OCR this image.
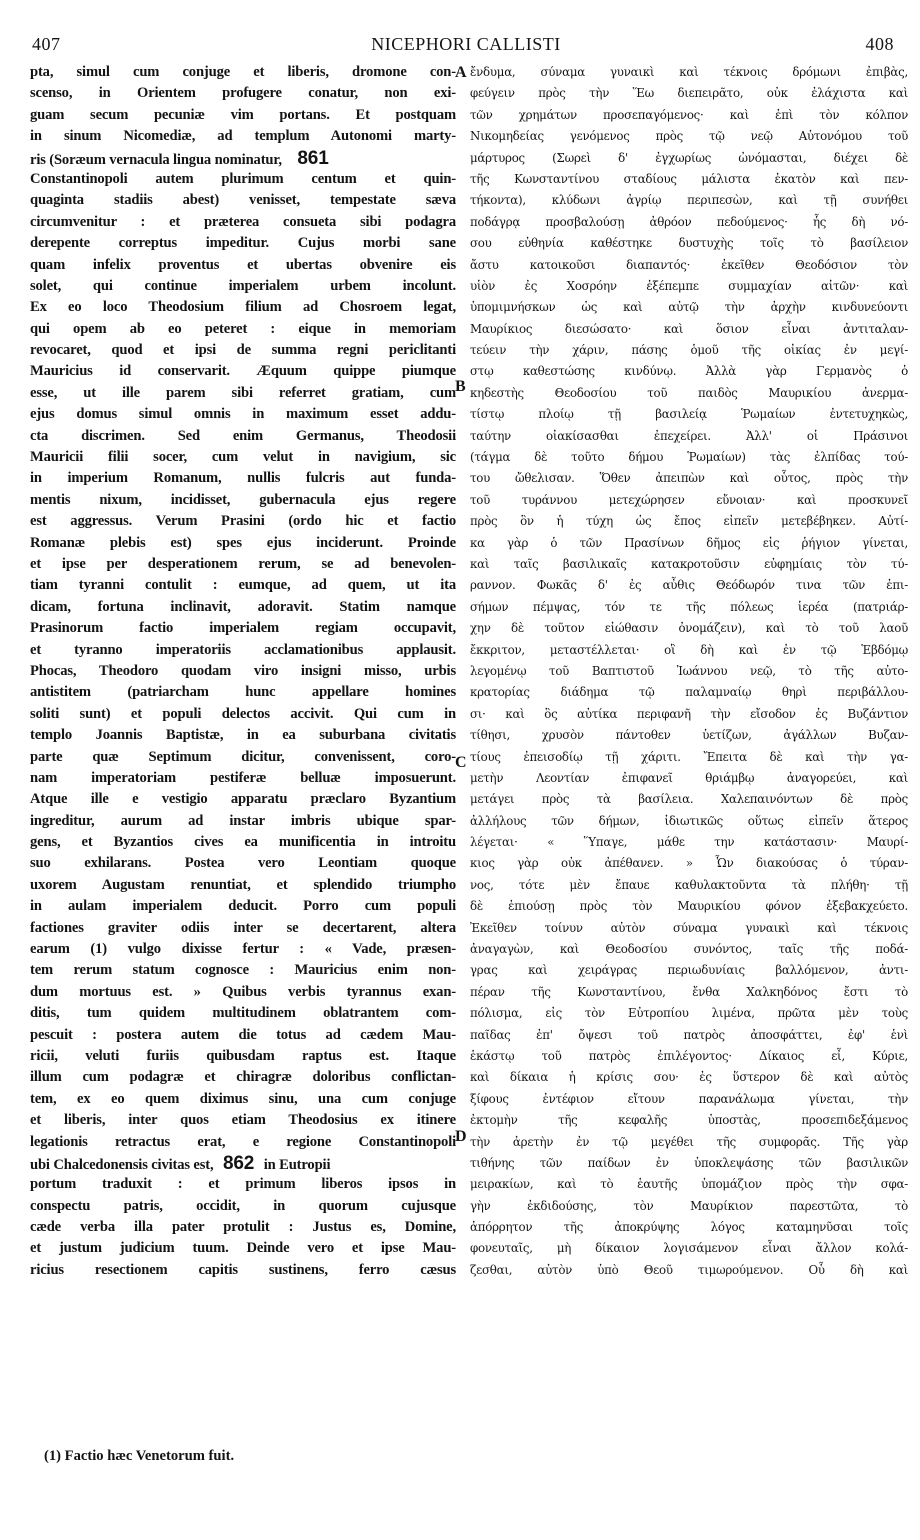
407	NICEPHORI CALLISTI	408
A
B
C
D
pta, simul cum conjuge et liberis, dromone con-
scenso, in Orientem profugere conatur, non exi-
guam secum pecuniæ vim portans. Et postquam
in sinum Nicomediæ, ad templum Autonomi marty-
ris (Soræum vernacula lingua nominatur, 861
Constantinopoli autem plurimum centum et quin-
quaginta stadiis abest) venisset, tempestate sæva
circumvenitur : et præterea consueta sibi podagra
derepente correptus impeditur. Cujus morbi sane
quam infelix proventus et ubertas obvenire eis
solet, qui continue imperialem urbem incolunt.
Ex eo loco Theodosium filium ad Chosroem legat,
qui opem ab eo peteret : eique in memoriam
revocaret, quod et ipsi de summa regni periclitanti
Mauricius id conservarit. Æquum quippe piumque
esse, ut ille parem sibi referret gratiam, cum
ejus domus simul omnis in maximum esset addu-
cta discrimen. Sed enim Germanus, Theodosii
Mauricii filii socer, cum velut in navigium, sic
in imperium Romanum, nullis fulcris aut funda-
mentis nixum, incidisset, gubernacula ejus regere
est aggressus. Verum Prasini (ordo hic et factio
Romanæ plebis est) spes ejus inciderunt. Proinde
et ipse per desperationem rerum, se ad benevolen-
tiam tyranni contulit : eumque, ad quem, ut ita
dicam, fortuna inclinavit, adoravit. Statim namque
Prasinorum factio imperialem regiam occupavit,
et tyranno imperatoriis acclamationibus applausit.
Phocas, Theodoro quodam viro insigni misso, urbis
antistitem (patriarcham hunc appellare homines
soliti sunt) et populi delectos accivit. Qui cum in
templo Joannis Baptistæ, in ea suburbana civitatis
parte quæ Septimum dicitur, convenissent, coro-
nam imperatoriam pestiferæ belluæ imposuerunt.
Atque ille e vestigio apparatu præclaro Byzantium
ingreditur, aurum ad instar imbris ubique spar-
gens, et Byzantios cives ea munificentia in introitu
suo exhilarans. Postea vero Leontiam quoque
uxorem Augustam renuntiat, et splendido triumpho
in aulam imperialem deducit. Porro cum populi
factiones graviter odiis inter se decertarent, altera
earum (1) vulgo dixisse fertur : « Vade, præsen-
tem rerum statum cognosce : Mauricius enim non-
dum mortuus est. » Quibus verbis tyrannus exan-
ditis, tum quidem multitudinem oblatrantem com-
pescuit : postera autem die totus ad cædem Mau-
ricii, veluti furiis quibusdam raptus est. Itaque
illum cum podagræ et chiragræ doloribus conflictan-
tem, ex eo quem diximus sinu, una cum conjuge
et liberis, inter quos etiam Theodosius ex itinere
legationis retractus erat, e regione Constantinopoli
ubi Chalcedonensis civitas est, 862 in Eutropii
portum traduxit : et primum liberos ipsos in
conspectu patris, occidit, in quorum cujusque
cæde verba illa pater protulit : Justus es, Domine,
et justum judicium tuum. Deinde vero et ipse Mau-
ricius resectionem capitis sustinens, ferro cæsus
ἔνδυμα, σύναμα γυναικὶ καὶ τέκνοις δρόμωνι ἐπιβὰς,
φεύγειν πρὸς τὴν Ἕω διεπειρᾶτο, οὐκ ἐλάχιστα καὶ
τῶν χρημάτων προσεπαγόμενος· καὶ ἐπὶ τὸν κόλπον
Νικομηδείας γενόμενος πρὸς τῷ νεῷ Αὐτονόμου τοῦ
μάρτυρος (Σωρεὶ δ' ἐγχωρίως ὠνόμασται, διέχει δὲ
τῆς Κωνσταντίνου σταδίους μάλιστα ἑκατὸν καὶ πεν-
τήκοντα), κλύδωνι ἀγρίῳ περιπεσὼν, καὶ τῇ συνήθει
ποδάγρᾳ προσβαλούσῃ ἀθρόον πεδούμενος· ἧς δὴ νό-
σου εὐθηνία καθέστηκε δυστυχὴς τοῖς τὸ βασίλειον
ἄστυ κατοικοῦσι διαπαντός· ἐκεῖθεν Θεοδόσιον τὸν
υἱὸν ἐς Χοσρόην ἐξέπεμπε συμμαχίαν αἰτῶν· καὶ
ὑπομιμνήσκων ὡς καὶ αὐτῷ τὴν ἀρχὴν κινδυνεύοντι
Μαυρίκιος διεσώσατο· καὶ ὅσιον εἶναι ἀντιταλαν-
τεύειν τὴν χάριν, πάσης ὁμοῦ τῆς οἰκίας ἐν μεγί-
στῳ καθεστώσης κινδύνῳ. Ἀλλὰ γὰρ Γερμανὸς ὁ
κηδεστὴς Θεοδοσίου τοῦ παιδὸς Μαυρικίου ἀνερμα-
τίστῳ πλοίῳ τῇ βασιλείᾳ Ῥωμαίων ἐντετυχηκὼς,
ταύτην οἰακίσασθαι ἐπεχείρει. Ἀλλ' οἱ Πράσινοι
(τάγμα δὲ τοῦτο δήμου Ῥωμαίων) τὰς ἐλπίδας τού-
του ὤθελισαν. Ὅθεν ἀπειπὼν καὶ οὗτος, πρὸς τὴν
τοῦ τυράννου μετεχώρησεν εὔνοιαν· καὶ προσκυνεῖ
πρὸς ὃν ἡ τύχη ὡς ἔπος εἰπεῖν μετεβέβηκεν. Αὐτί-
κα γὰρ ὁ τῶν Πρασίνων δῆμος εἰς ῥήγιον γίνεται,
καὶ ταῖς βασιλικαῖς κατακροτοῦσιν εὐφημίαις τὸν τύ-
ραννον. Φωκᾶς δ' ἐς αὖθις Θεόδωρόν τινα τῶν ἐπι-
σήμων πέμψας, τόν τε τῆς πόλεως ἱερέα (πατριάρ-
χην δὲ τοῦτον εἰώθασιν ὀνομάζειν), καὶ τὸ τοῦ λαοῦ
ἔκκριτον, μεταστέλλεται· οἳ δὴ καὶ ἐν τῷ Ἑβδόμῳ
λεγομένῳ τοῦ Βαπτιστοῦ Ἰωάννου νεῷ, τὸ τῆς αὐτο-
κρατορίας διάδημα τῷ παλαμναίῳ θηρὶ περιβάλλου-
σι· καὶ ὃς αὐτίκα περιφανῆ τὴν εἴσοδον ἐς Βυζάντιον
τίθησι, χρυσὸν πάντοθεν ὑετίζων, ἀγάλλων Βυζαν-
τίους ἐπεισοδίῳ τῇ χάριτι. Ἔπειτα δὲ καὶ τὴν γα-
μετὴν Λεοντίαν ἐπιφανεῖ θριάμβῳ ἀναγορεύει, καὶ
μετάγει πρὸς τὰ βασίλεια. Χαλεπαινόντων δὲ πρὸς
ἀλλήλους τῶν δήμων, ἰδιωτικῶς οὕτως εἰπεῖν ἅτερος
λέγεται· « Ὕπαγε, μάθε την κατάστασιν· Μαυρί-
κιος γὰρ οὐκ ἀπέθανεν. » Ὧν διακούσας ὁ τύραν-
νος, τότε μὲν ἔπαυε καθυλακτοῦντα τὰ πλήθη· τῇ
δὲ ἐπιούσῃ πρὸς τὸν Μαυρικίου φόνον ἐξεβακχεύετο.
Ἐκεῖθεν τοίνυν αὐτὸν σύναμα γυναικὶ καὶ τέκνοις
ἀναγαγὼν, καὶ Θεοδοσίου συνόντος, ταῖς τῆς ποδά-
γρας καὶ χειράγρας περιωδυνίαις βαλλόμενον, ἀντι-
πέραν τῆς Κωνσταντίνου, ἔνθα Χαλκηδόνος ἔστι τὸ
πόλισμα, εἰς τὸν Εὐτροπίου λιμένα, πρῶτα μὲν τοὺς
παῖδας ἐπ' ὄψεσι τοῦ πατρὸς ἀποσφάττει, ἐφ' ἑνὶ
ἑκάστῳ τοῦ πατρὸς ἐπιλέγοντος· Δίκαιος εἶ, Κύριε,
καὶ δίκαια ἡ κρίσις σου· ἐς ὕστερον δὲ καὶ αὐτὸς
ξίφους ἐντέφιον εἴτουν παρανάλωμα γίνεται, τὴν
ἐκτομὴν τῆς κεφαλῆς ὑποστὰς, προσεπιδεξάμενος
τὴν ἀρετὴν ἐν τῷ μεγέθει τῆς συμφορᾶς. Τῆς γὰρ
τιθήνης τῶν παίδων ἐν ὑποκλεψάσης τῶν βασιλικῶν
μειρακίων, καὶ τὸ ἑαυτῆς ὑπομάζιον πρὸς τὴν σφα-
γὴν ἐκδιδούσης, τὸν Μαυρίκιον παρεστῶτα, τὸ
ἀπόρρητον τῆς ἀποκρύψης λόγος καταμηνῦσαι τοῖς
φονευταῖς, μὴ δίκαιον λογισάμενον εἶναι ἄλλον κολά-
ζεσθαι, αὐτὸν ὑπὸ Θεοῦ τιμωρούμενον. Οὗ δὴ καὶ
(1) Factio hæc Venetorum fuit.
